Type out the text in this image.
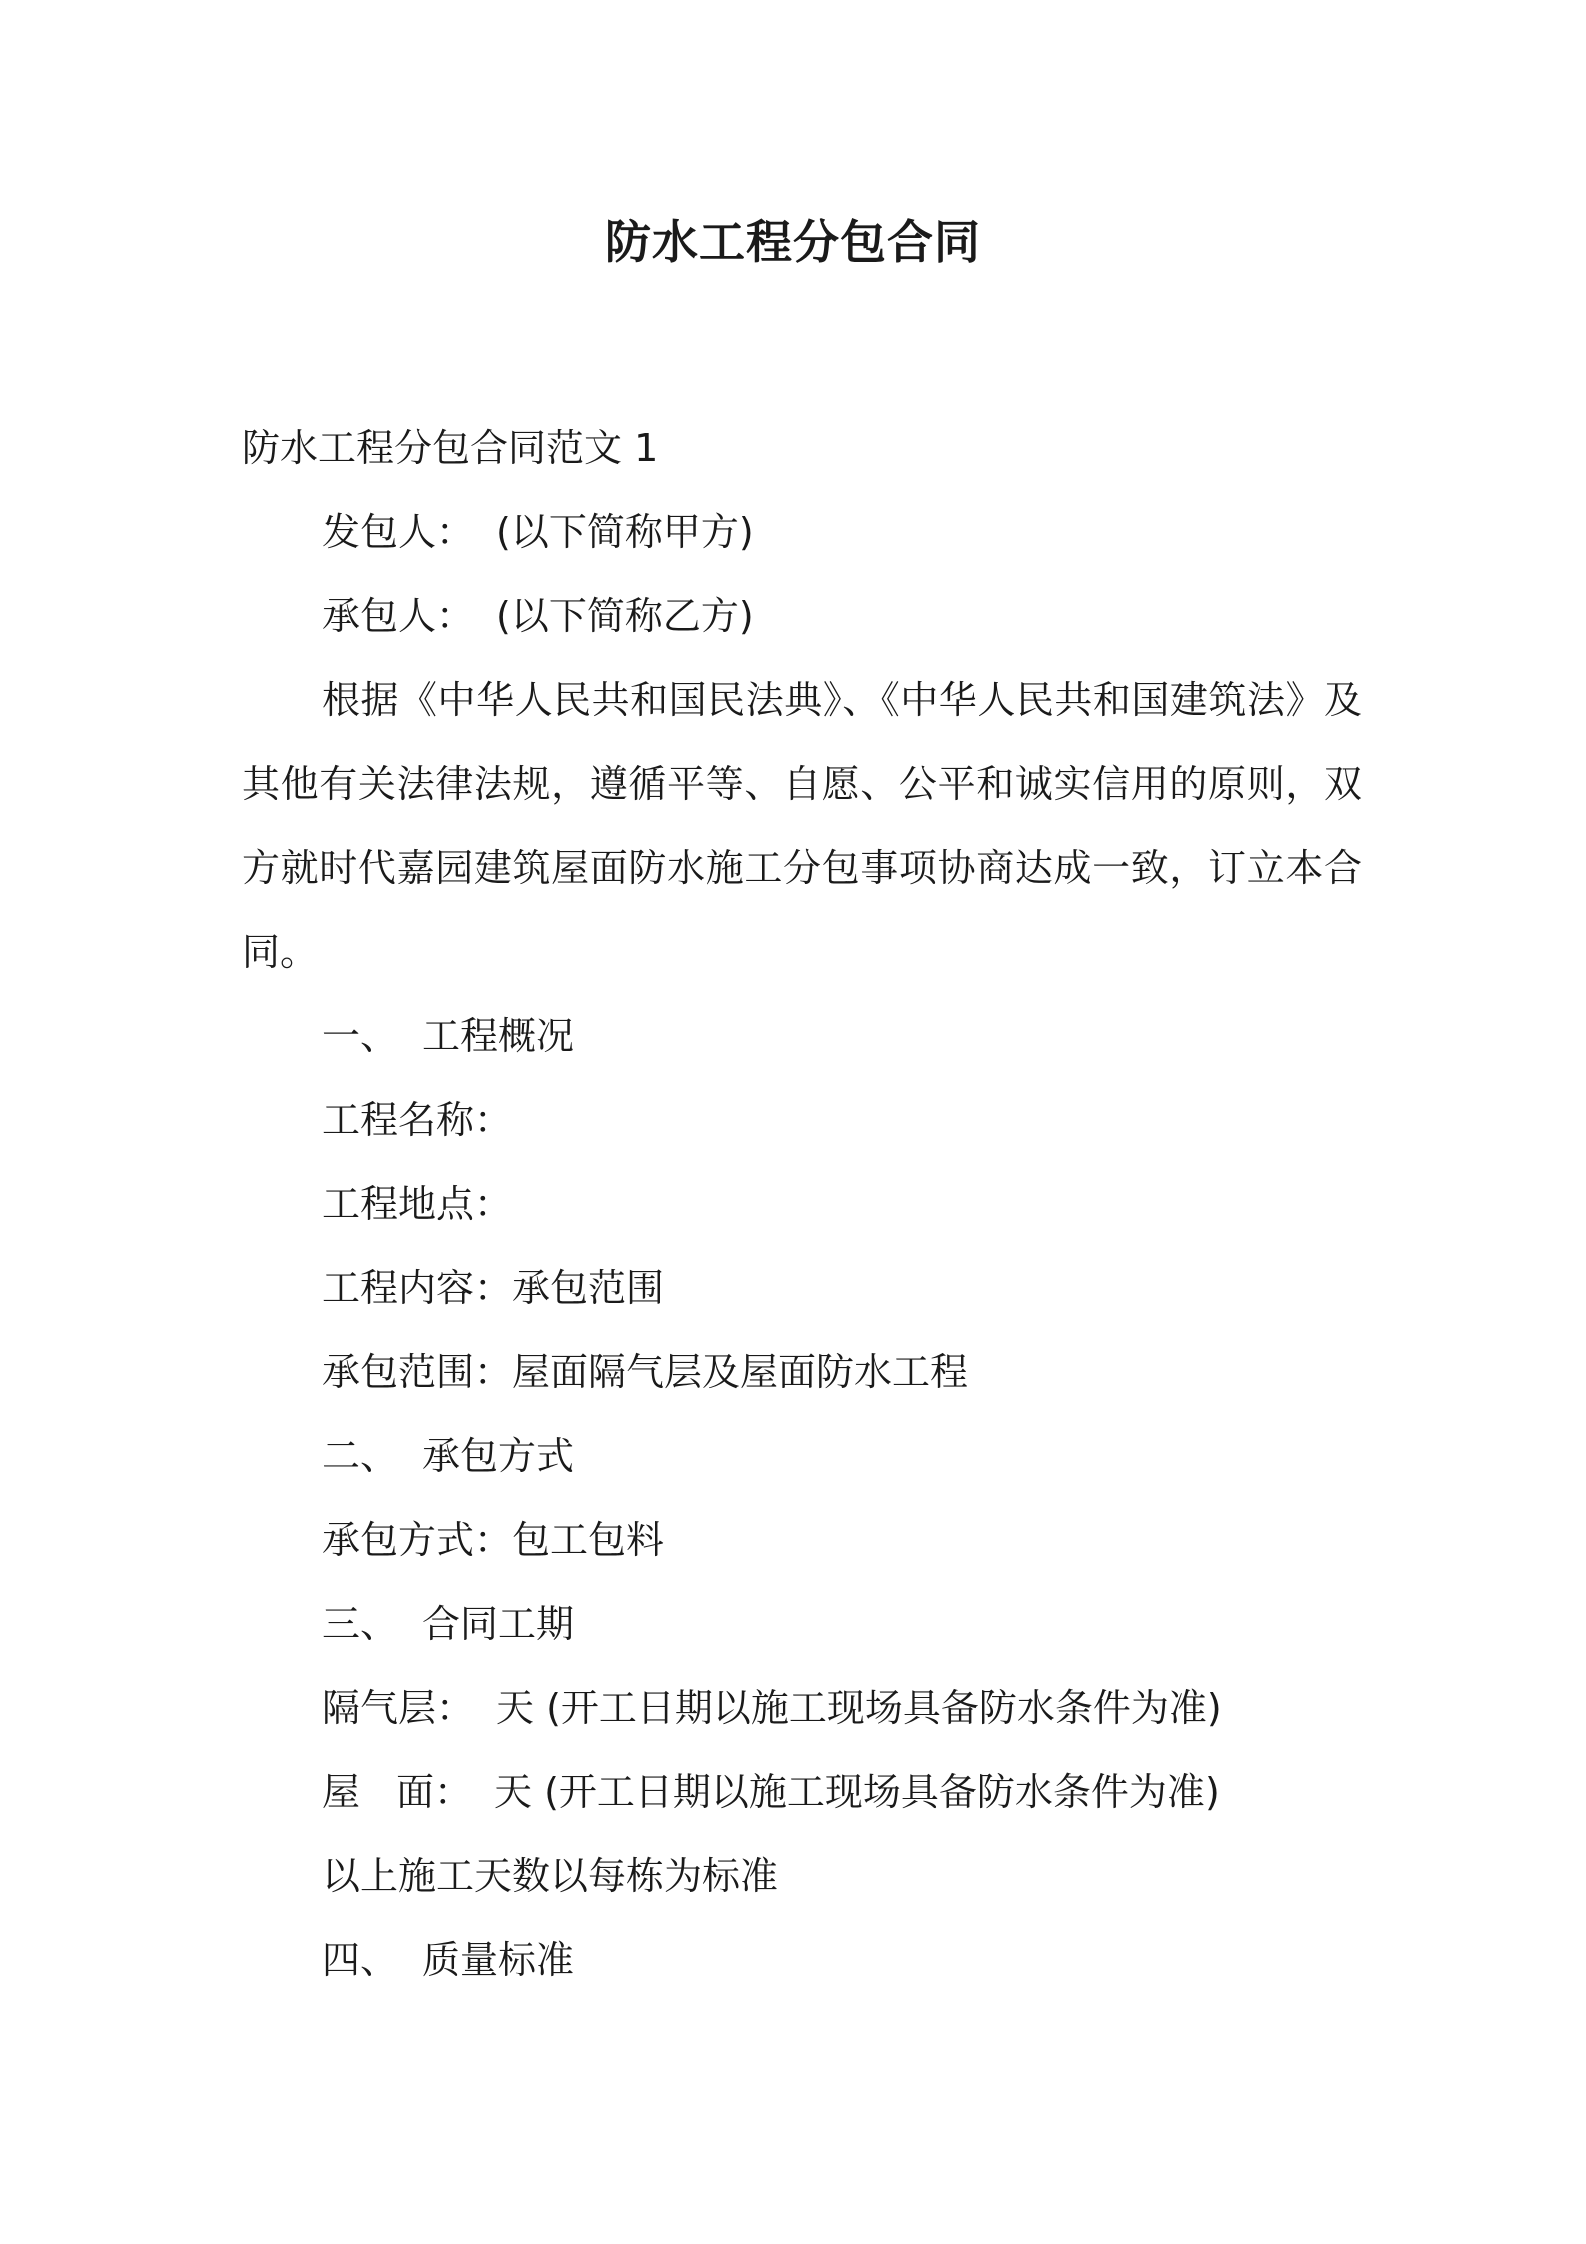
防水工程分包合同

防水工程分包合同范文 1

发包人： (以下简称甲方)

承包人： (以下简称乙方)

根据《中华人民共和国民法典》、《中华人民共和国建筑法》及其他有关法律法规，遵循平等、自愿、公平和诚实信用的原则，双方就时代嘉园建筑屋面防水施工分包事项协商达成一致，订立本合同。

一、 工程概况

工程名称：

工程地点：

工程内容：承包范围

承包范围：屋面隔气层及屋面防水工程

二、 承包方式

承包方式：包工包料

三、 合同工期

隔气层： 天 (开工日期以施工现场具备防水条件为准)

屋 面： 天 (开工日期以施工现场具备防水条件为准)

以上施工天数以每栋为标准

四、 质量标准
